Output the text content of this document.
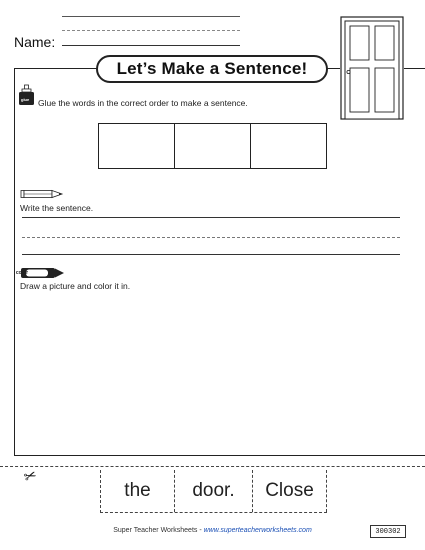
Name:
Let’s Make a Sentence!
glue Glue the words in the correct order to make a sentence.
Write the sentence.
color
Draw a picture and color it in.
✂
the	door.	Close
Super Teacher Worksheets - www.superteacherworksheets.com	300302
